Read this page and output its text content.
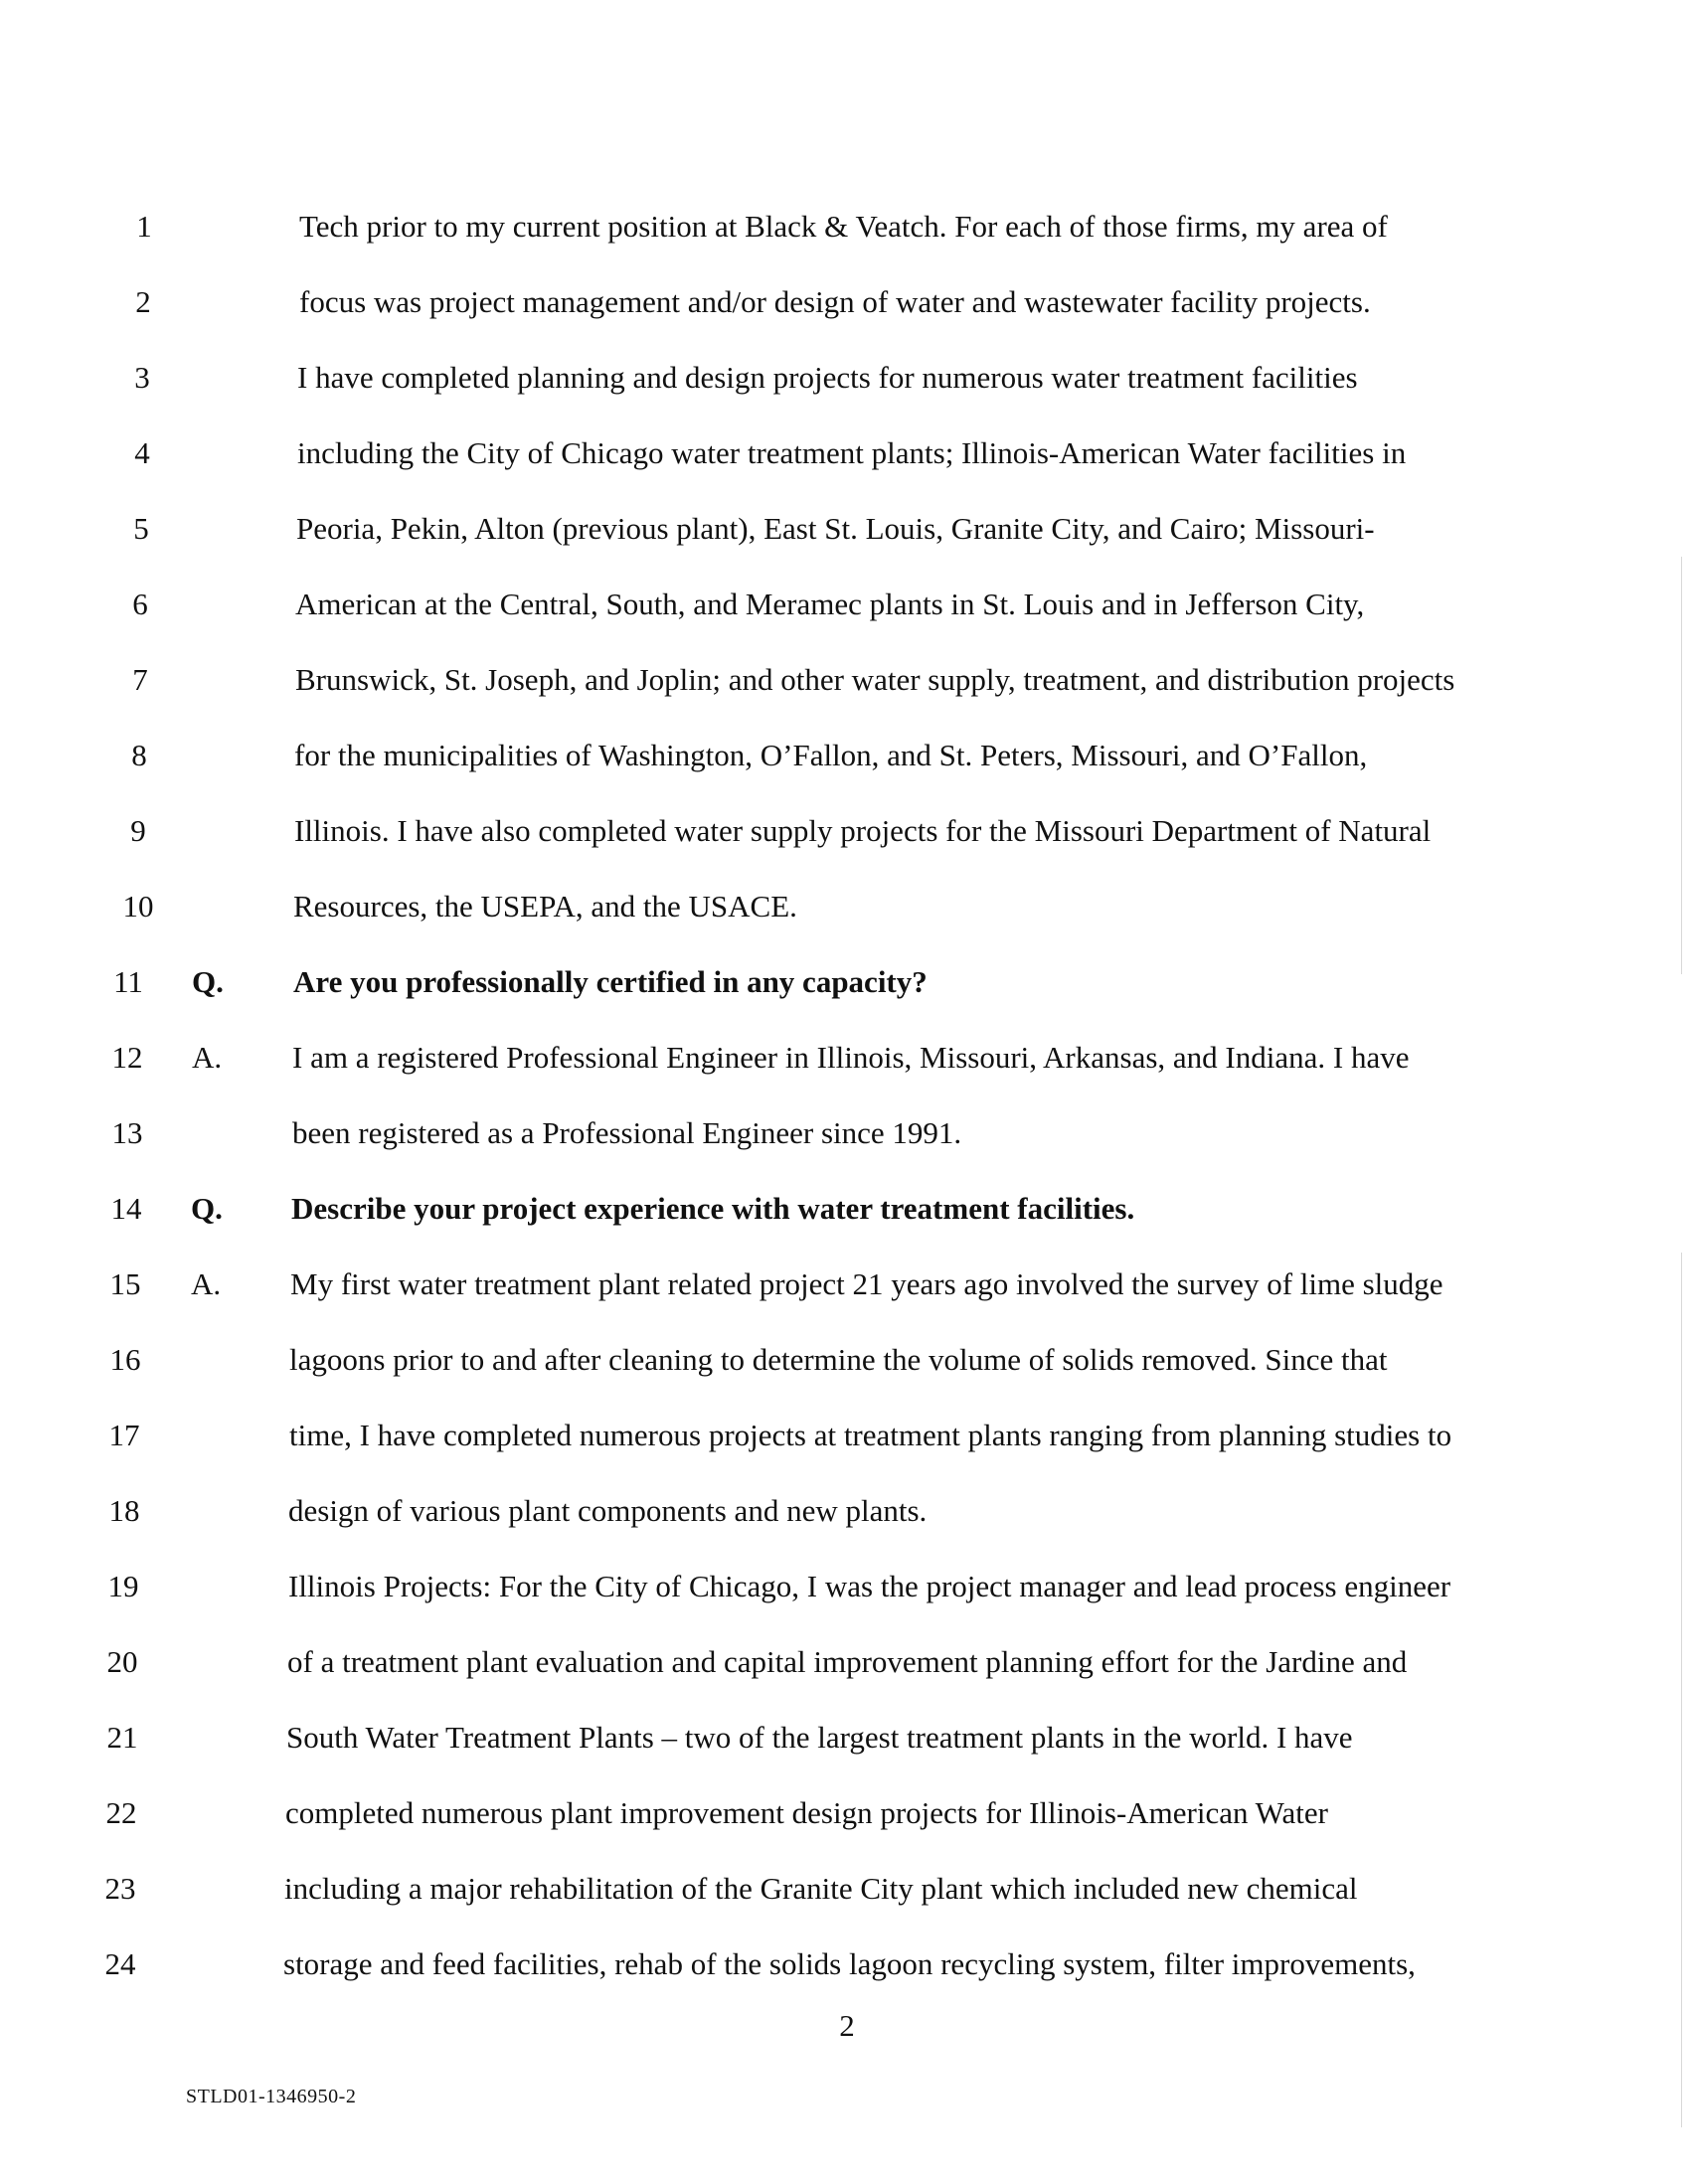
1	Tech prior to my current position at Black & Veatch. For each of those firms, my area of
2	focus was project management and/or design of water and wastewater facility projects.
3	I have completed planning and design projects for numerous water treatment facilities
4	including the City of Chicago water treatment plants; Illinois-American Water facilities in
5	Peoria, Pekin, Alton (previous plant), East St. Louis, Granite City, and Cairo; Missouri-
6	American at the Central, South, and Meramec plants in St. Louis and in Jefferson City,
7	Brunswick, St. Joseph, and Joplin; and other water supply, treatment, and distribution projects
8	for the municipalities of Washington, O’Fallon, and St. Peters, Missouri, and O’Fallon,
9	Illinois. I have also completed water supply projects for the Missouri Department of Natural
10	Resources, the USEPA, and the USACE.
11	Q. Are you professionally certified in any capacity?
12	A. I am a registered Professional Engineer in Illinois, Missouri, Arkansas, and Indiana. I have
13	been registered as a Professional Engineer since 1991.
14	Q. Describe your project experience with water treatment facilities.
15	A. My first water treatment plant related project 21 years ago involved the survey of lime sludge
16	lagoons prior to and after cleaning to determine the volume of solids removed. Since that
17	time, I have completed numerous projects at treatment plants ranging from planning studies to
18	design of various plant components and new plants.
19	Illinois Projects: For the City of Chicago, I was the project manager and lead process engineer
20	of a treatment plant evaluation and capital improvement planning effort for the Jardine and
21	South Water Treatment Plants – two of the largest treatment plants in the world. I have
22	completed numerous plant improvement design projects for Illinois-American Water
23	including a major rehabilitation of the Granite City plant which included new chemical
24	storage and feed facilities, rehab of the solids lagoon recycling system, filter improvements,
2
STLD01-1346950-2
